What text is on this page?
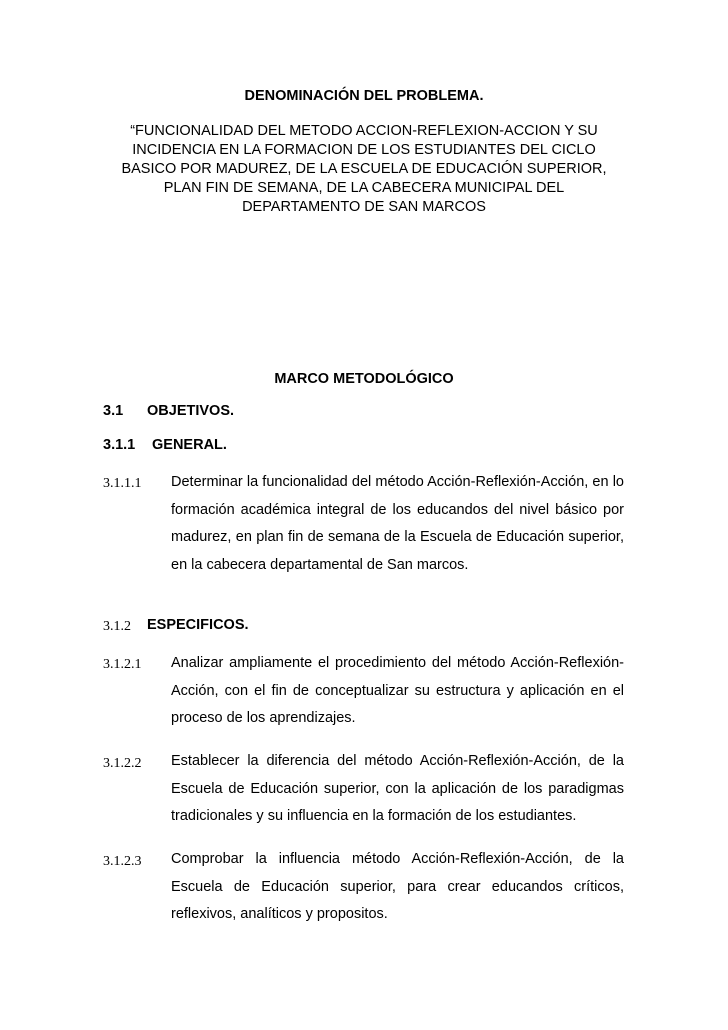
DENOMINACIÓN DEL PROBLEMA.
“FUNCIONALIDAD DEL METODO ACCION-REFLEXION-ACCION Y SU
INCIDENCIA EN LA FORMACION DE LOS ESTUDIANTES DEL CICLO
BASICO POR MADUREZ, DE LA ESCUELA DE EDUCACIÓN SUPERIOR,
PLAN FIN DE SEMANA, DE LA CABECERA MUNICIPAL DEL
DEPARTAMENTO DE SAN MARCOS
MARCO METODOLÓGICO
3.1 OBJETIVOS.
3.1.1 GENERAL.
3.1.1.1 Determinar la funcionalidad del método Acción-Reflexión-Acción, en lo formación académica integral de los educandos del nivel básico por madurez, en plan fin de semana de la Escuela de Educación superior, en la cabecera departamental de San marcos.
3.1.2 ESPECIFICOS.
3.1.2.1 Analizar ampliamente el procedimiento del método Acción-Reflexión-Acción, con el fin de conceptualizar su estructura y aplicación en el proceso de los aprendizajes.
3.1.2.2 Establecer la diferencia del método Acción-Reflexión-Acción, de la Escuela de Educación superior, con la aplicación de los paradigmas tradicionales y su influencia en la formación de los estudiantes.
3.1.2.3 Comprobar la influencia método Acción-Reflexión-Acción, de la Escuela de Educación superior, para crear educandos críticos, reflexivos, analíticos y propositos.
